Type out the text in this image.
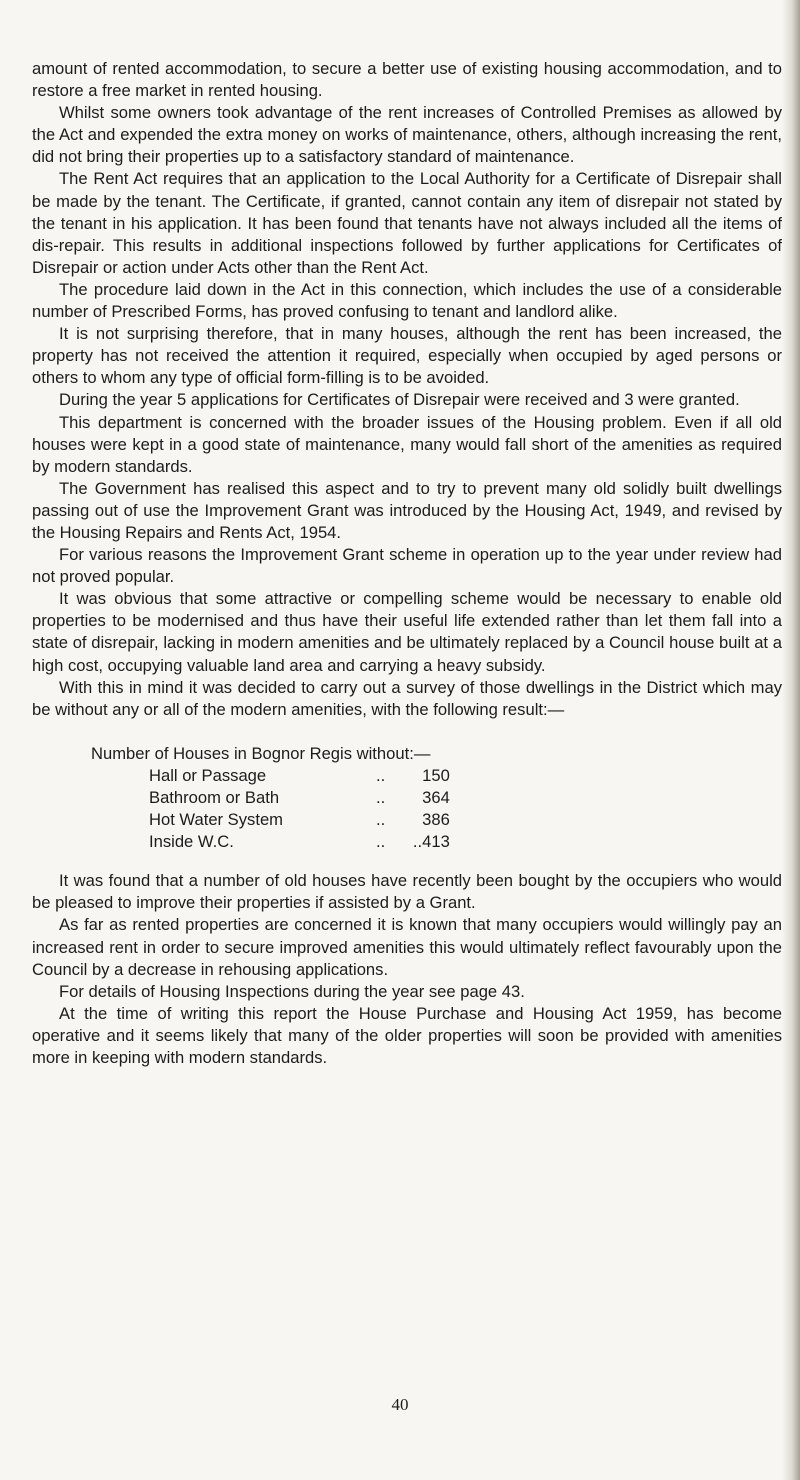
amount of rented accommodation, to secure a better use of existing housing accommodation, and to restore a free market in rented housing.

Whilst some owners took advantage of the rent increases of Controlled Premises as allowed by the Act and expended the extra money on works of maintenance, others, although increasing the rent, did not bring their properties up to a satisfactory standard of maintenance.

The Rent Act requires that an application to the Local Authority for a Certificate of Disrepair shall be made by the tenant. The Certificate, if granted, cannot contain any item of disrepair not stated by the tenant in his application. It has been found that tenants have not always included all the items of dis-repair. This results in additional inspections followed by further applications for Certificates of Disrepair or action under Acts other than the Rent Act.

The procedure laid down in the Act in this connection, which includes the use of a considerable number of Prescribed Forms, has proved confusing to tenant and landlord alike.

It is not surprising therefore, that in many houses, although the rent has been increased, the property has not received the attention it required, especially when occupied by aged persons or others to whom any type of official form-filling is to be avoided.

During the year 5 applications for Certificates of Disrepair were received and 3 were granted.

This department is concerned with the broader issues of the Housing problem. Even if all old houses were kept in a good state of maintenance, many would fall short of the amenities as required by modern standards.

The Government has realised this aspect and to try to prevent many old solidly built dwellings passing out of use the Improvement Grant was introduced by the Housing Act, 1949, and revised by the Housing Repairs and Rents Act, 1954.

For various reasons the Improvement Grant scheme in operation up to the year under review had not proved popular.

It was obvious that some attractive or compelling scheme would be necessary to enable old properties to be modernised and thus have their useful life extended rather than let them fall into a state of disrepair, lacking in modern amenities and be ultimately replaced by a Council house built at a high cost, occupying valuable land area and carrying a heavy subsidy.

With this in mind it was decided to carry out a survey of those dwellings in the District which may be without any or all of the modern amenities, with the following result:—

Number of Houses in Bognor Regis without:—

Hall or Passage	..	150
Bathroom or Bath	..	364
Hot Water System	..	386
Inside W.C.	..      ..	413

It was found that a number of old houses have recently been bought by the occupiers who would be pleased to improve their properties if assisted by a Grant.

As far as rented properties are concerned it is known that many occupiers would willingly pay an increased rent in order to secure improved amenities this would ultimately reflect favourably upon the Council by a decrease in rehousing applications.

For details of Housing Inspections during the year see page 43.

At the time of writing this report the House Purchase and Housing Act 1959, has become operative and it seems likely that many of the older properties will soon be provided with amenities more in keeping with modern standards.

40
